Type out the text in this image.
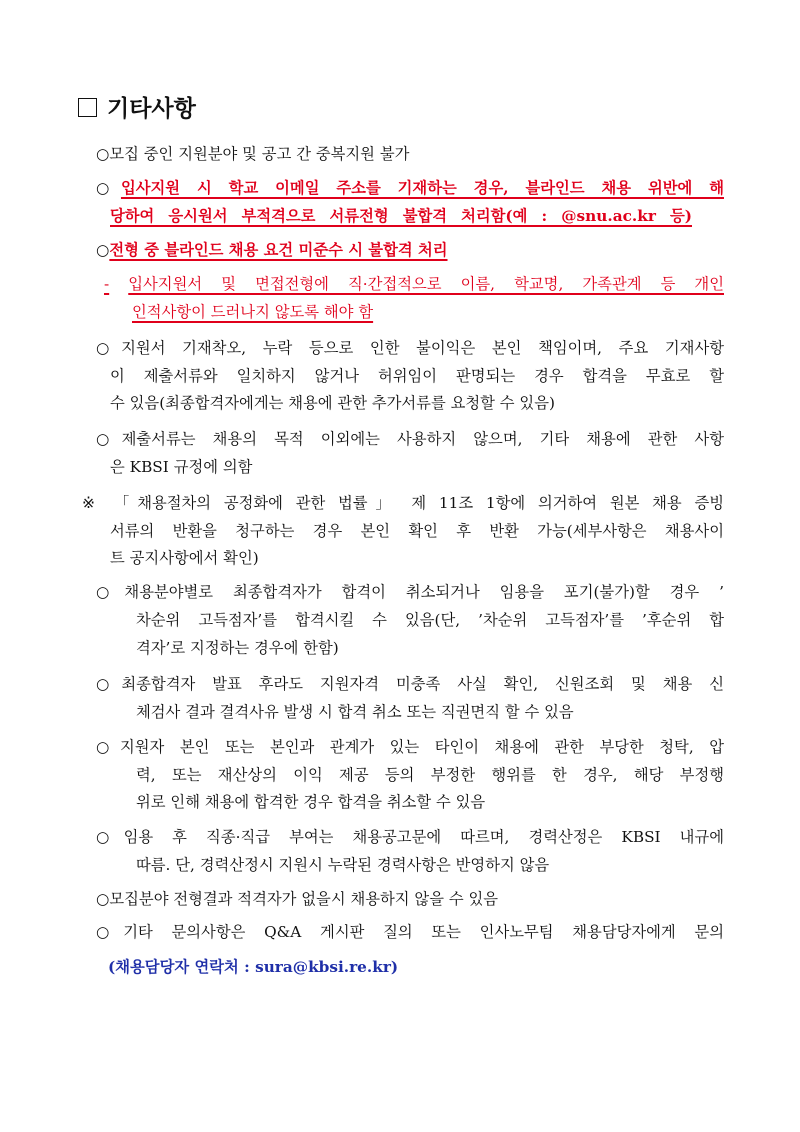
기타사항
○모집 중인 지원분야 및 공고 간 중복지원 불가
○입사지원 시 학교 이메일 주소를 기재하는 경우, 블라인드 채용 위반에 해
당하여 응시원서 부적격으로 서류전형 불합격 처리함(예 : @snu.ac.kr 등)
○전형 중 블라인드 채용 요건 미준수 시 불합격 처리
- 입사지원서 및 면접전형에 직·간접적으로 이름, 학교명, 가족관계 등 개인
인적사항이 드러나지 않도록 해야 함
○지원서 기재착오, 누락 등으로 인한 불이익은 본인 책임이며, 주요 기재사항
이 제출서류와 일치하지 않거나 허위임이 판명되는 경우 합격을 무효로 할
수 있음(최종합격자에게는 채용에 관한 추가서류를 요청할 수 있음)
○제출서류는 채용의 목적 이외에는 사용하지 않으며, 기타 채용에 관한 사항
은 KBSI 규정에 의함
※ 「채용절차의 공정화에 관한 법률」 제 11조 1항에 의거하여 원본 채용 증빙
서류의 반환을 청구하는 경우 본인 확인 후 반환 가능(세부사항은 채용사이
트 공지사항에서 확인)
○채용분야별로 최종합격자가 합격이 취소되거나 임용을 포기(불가)할 경우 ’
차순위 고득점자’를 합격시킬 수 있음(단, ’차순위 고득점자’를 ’후순위 합
격자’로 지정하는 경우에 한함)
○최종합격자 발표 후라도 지원자격 미충족 사실 확인, 신원조회 및 채용 신
체검사 결과 결격사유 발생 시 합격 취소 또는 직권면직 할 수 있음
○지원자 본인 또는 본인과 관계가 있는 타인이 채용에 관한 부당한 청탁, 압
력, 또는 재산상의 이익 제공 등의 부정한 행위를 한 경우, 해당 부정행
위로 인해 채용에 합격한 경우 합격을 취소할 수 있음
○임용 후 직종·직급 부여는 채용공고문에 따르며, 경력산정은 KBSI 내규에
따름. 단, 경력산정시 지원시 누락된 경력사항은 반영하지 않음
○모집분야 전형결과 적격자가 없을시 채용하지 않을 수 있음
○기타 문의사항은 Q&A 게시판 질의 또는 인사노무팀 채용담당자에게 문의
(채용담당자 연락처 : sura@kbsi.re.kr)
